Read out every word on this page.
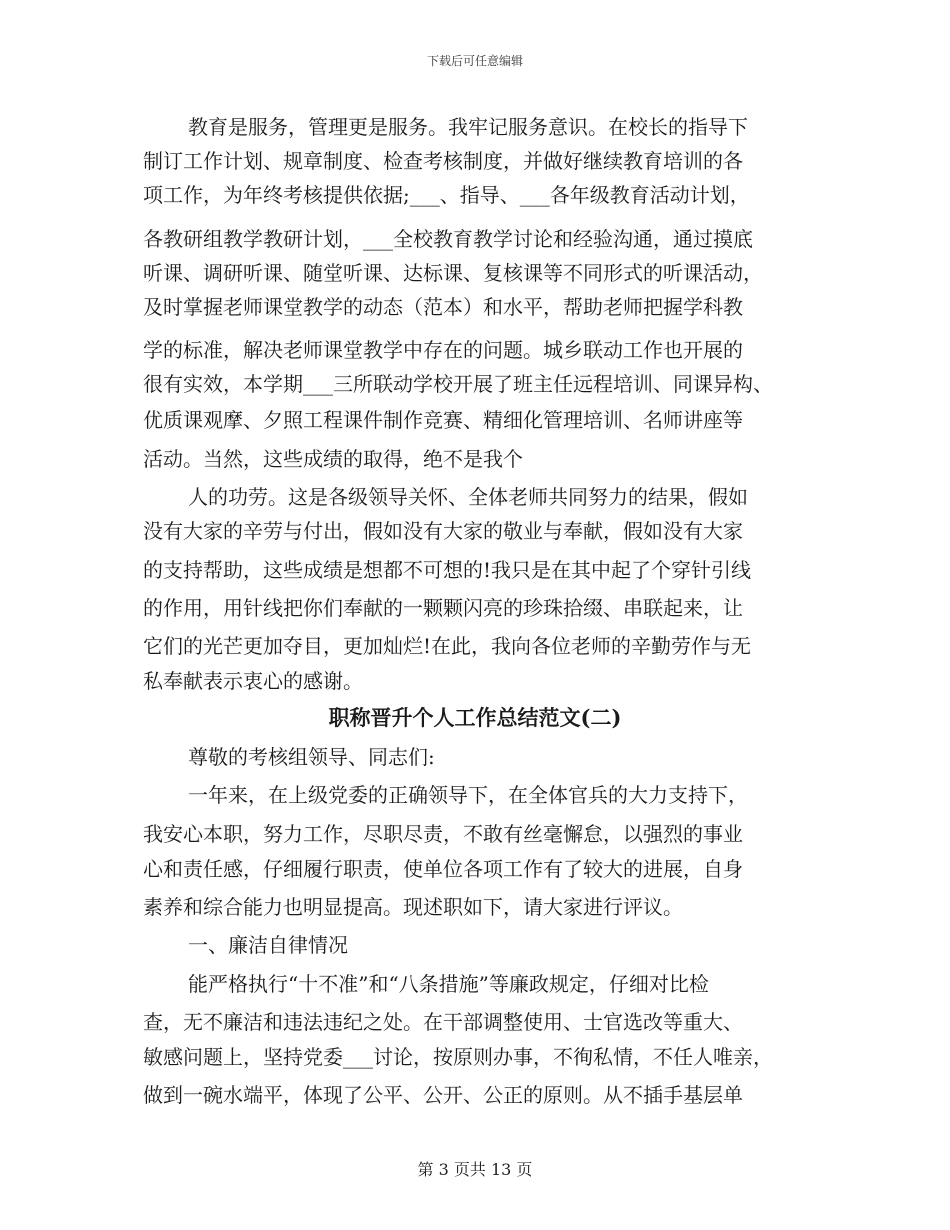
下载后可任意编辑
教育是服务，管理更是服务。我牢记服务意识。在校长的指导下
制订工作计划、规章制度、检查考核制度，并做好继续教育培训的各
项工作，为年终考核提供依据;___、指导、___各年级教育活动计划，
各教研组教学教研计划，___全校教育教学讨论和经验沟通，通过摸底
听课、调研听课、随堂听课、达标课、复核课等不同形式的听课活动，
及时掌握老师课堂教学的动态（范本）和水平，帮助老师把握学科教
学的标准，解决老师课堂教学中存在的问题。城乡联动工作也开展的
很有实效，本学期___三所联动学校开展了班主任远程培训、同课异构、
优质课观摩、夕照工程课件制作竞赛、精细化管理培训、名师讲座等
活动。当然，这些成绩的取得，绝不是我个
人的功劳。这是各级领导关怀、全体老师共同努力的结果，假如
没有大家的辛劳与付出，假如没有大家的敬业与奉献，假如没有大家
的支持帮助，这些成绩是想都不可想的!我只是在其中起了个穿针引线
的作用，用针线把你们奉献的一颗颗闪亮的珍珠拾缀、串联起来，让
它们的光芒更加夺目，更加灿烂!在此，我向各位老师的辛勤劳作与无
私奉献表示衷心的感谢。
职称晋升个人工作总结范文(二)
尊敬的考核组领导、同志们:
一年来，在上级党委的正确领导下，在全体官兵的大力支持下，
我安心本职，努力工作，尽职尽责，不敢有丝毫懈怠，以强烈的事业
心和责任感，仔细履行职责，使单位各项工作有了较大的进展，自身
素养和综合能力也明显提高。现述职如下，请大家进行评议。
一、廉洁自律情况
能严格执行“十不准”和“八条措施”等廉政规定，仔细对比检
查，无不廉洁和违法违纪之处。在干部调整使用、士官选改等重大、
敏感问题上，坚持党委___讨论，按原则办事，不徇私情，不任人唯亲，
做到一碗水端平，体现了公平、公开、公正的原则。从不插手基层单
第 3 页共 13 页
